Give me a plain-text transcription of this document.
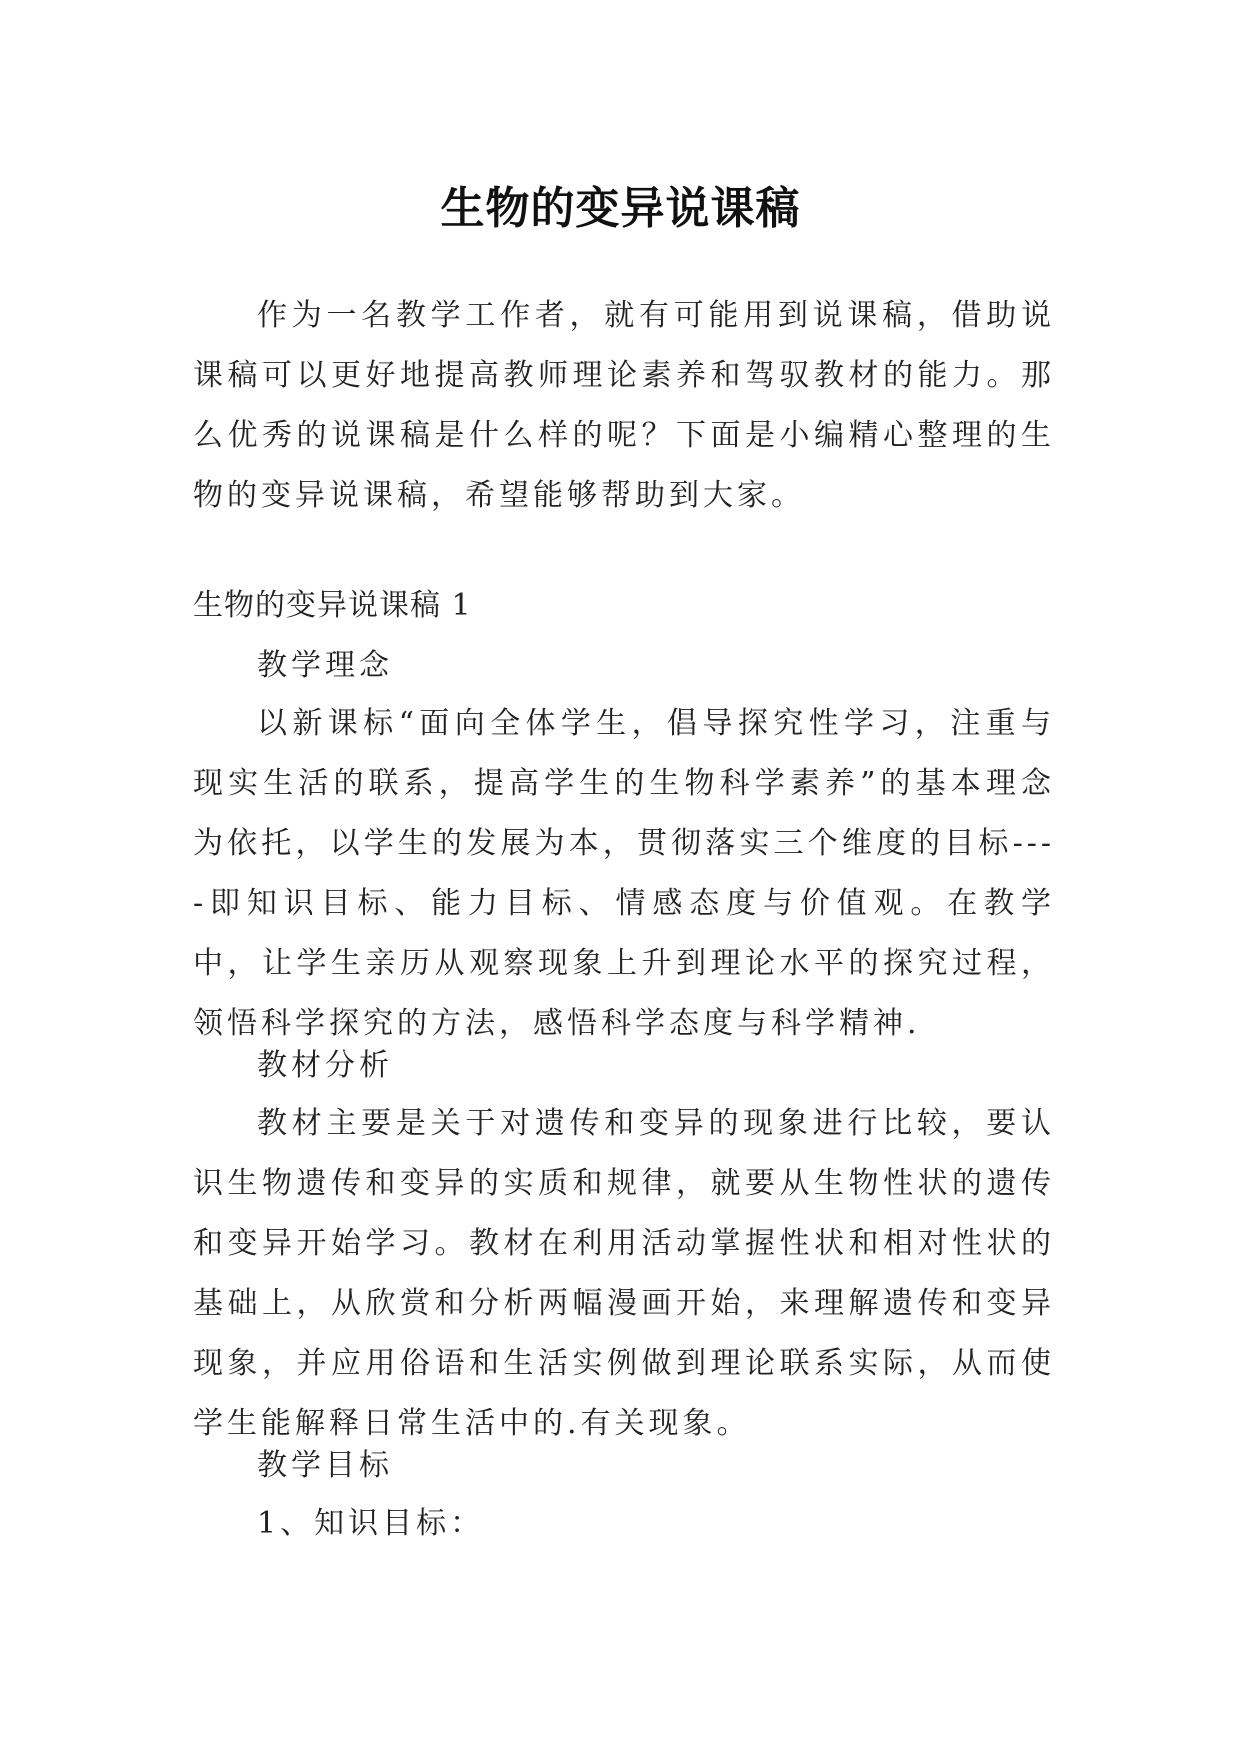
生物的变异说课稿

作为一名教学工作者，就有可能用到说课稿，借助说课稿可以更好地提高教师理论素养和驾驭教材的能力。那么优秀的说课稿是什么样的呢？下面是小编精心整理的生物的变异说课稿，希望能够帮助到大家。

生物的变异说课稿 1

教学理念

以新课标“面向全体学生，倡导探究性学习，注重与现实生活的联系，提高学生的生物科学素养”的基本理念为依托，以学生的发展为本，贯彻落实三个维度的目标----即知识目标、能力目标、情感态度与价值观。在教学中，让学生亲历从观察现象上升到理论水平的探究过程，领悟科学探究的方法，感悟科学态度与科学精神.

教材分析

教材主要是关于对遗传和变异的现象进行比较，要认识生物遗传和变异的实质和规律，就要从生物性状的遗传和变异开始学习。教材在利用活动掌握性状和相对性状的基础上，从欣赏和分析两幅漫画开始，来理解遗传和变异现象，并应用俗语和生活实例做到理论联系实际，从而使学生能解释日常生活中的.有关现象。

教学目标

1、知识目标：
